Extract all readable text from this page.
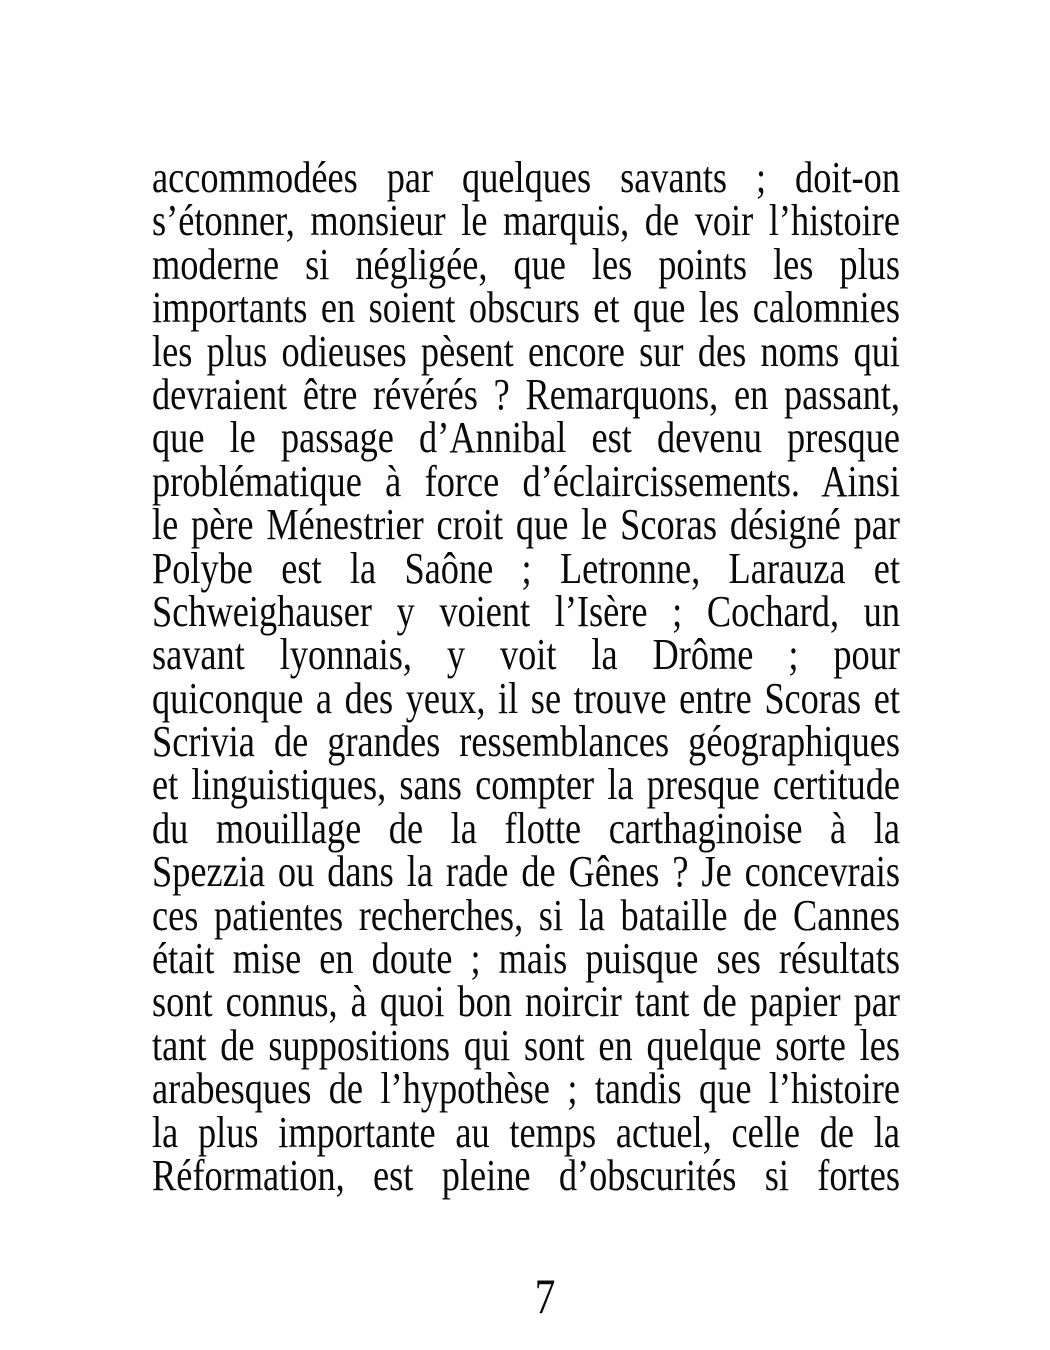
accommodées par quelques savants ; doit-on
s’étonner, monsieur le marquis, de voir l’histoire
moderne si négligée, que les points les plus
importants en soient obscurs et que les calomnies
les plus odieuses pèsent encore sur des noms qui
devraient être révérés ? Remarquons, en passant,
que le passage d’Annibal est devenu presque
problématique à force d’éclaircissements. Ainsi
le père Ménestrier croit que le Scoras désigné par
Polybe est la Saône ; Letronne, Larauza et
Schweighauser y voient l’Isère ; Cochard, un
savant lyonnais, y voit la Drôme ; pour
quiconque a des yeux, il se trouve entre Scoras et
Scrivia de grandes ressemblances géographiques
et linguistiques, sans compter la presque certitude
du mouillage de la flotte carthaginoise à la
Spezzia ou dans la rade de Gênes ? Je concevrais
ces patientes recherches, si la bataille de Cannes
était mise en doute ; mais puisque ses résultats
sont connus, à quoi bon noircir tant de papier par
tant de suppositions qui sont en quelque sorte les
arabesques de l’hypothèse ; tandis que l’histoire
la plus importante au temps actuel, celle de la
Réformation, est pleine d’obscurités si fortes
7
